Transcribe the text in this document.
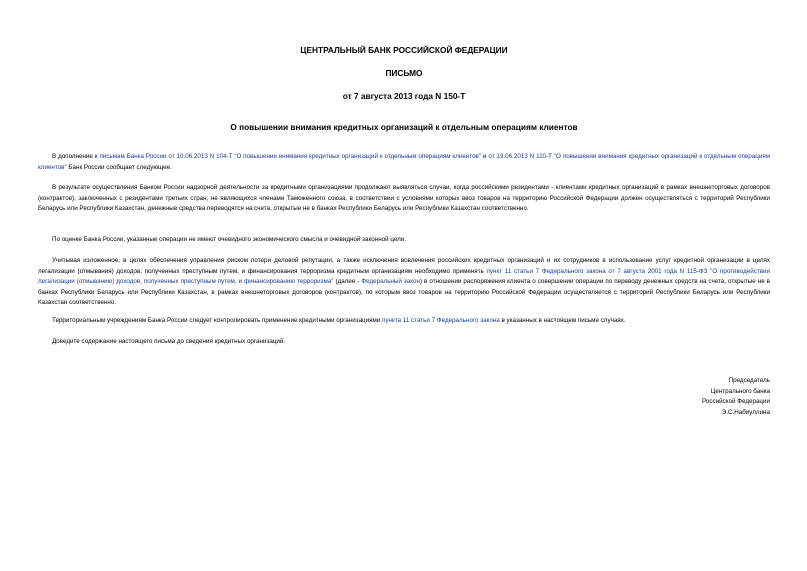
ЦЕНТРАЛЬНЫЙ БАНК РОССИЙСКОЙ ФЕДЕРАЦИИ
ПИСЬМО
от 7 августа 2013 года N 150-Т
О повышении внимания кредитных организаций к отдельным операциям клиентов

В дополнение к письмам Банка России от 10.06.2013 N 104-Т "О повышении внимания кредитных организаций к отдельным операциям клиентов" и от 19.06.2013 N 110-Т "О повышении внимания кредитных организаций к отдельным операциям клиентов" Банк России сообщает следующее.

В результате осуществления Банком России надзорной деятельности за кредитными организациями продолжают выявляться случаи, когда российскими резидентами - клиентами кредитных организаций в рамках внешнеторговых договоров (контрактов), заключенных с резидентами третьих стран, не являющихся членами Таможенного союза, в соответствии с условиями которых ввоз товаров на территорию Российской Федерации должен осуществляться с территорий Республики Беларусь или Республики Казахстан, денежные средства переводятся на счета, открытые не в банках Республики Беларусь или Республики Казахстан соответственно.

По оценке Банка России, указанные операции не имеют очевидного экономического смысла и очевидной законной цели.

Учитывая изложенное, в целях обеспечения управления риском потери деловой репутации, а также исключения вовлечения российских кредитных организаций и их сотрудников в использование услуг кредитной организации в целях легализации (отмывания) доходов, полученных преступным путем, и финансирования терроризма кредитным организациям необходимо применять пункт 11 статьи 7 Федерального закона от 7 августа 2001 года N 115-ФЗ "О противодействии легализации (отмыванию) доходов, полученных преступным путем, и финансированию терроризма" (далее - Федеральный закон) в отношении распоряжения клиента о совершении операции по переводу денежных средств на счета, открытые не в банках Республики Беларусь или Республики Казахстан, в рамках внешнеторговых договоров (контрактов), по которым ввоз товаров на территорию Российской Федерации осуществляется с территорий Республики Беларусь или Республики Казахстан соответственно.

Территориальным учреждениям Банка России следует контролировать применение кредитными организациями пункта 11 статьи 7 Федерального закона в указанных в настоящем письме случаях.

Доведите содержание настоящего письма до сведения кредитных организаций.

Председатель
Центрального банка
Российской Федерации
Э.С.Набиуллина
